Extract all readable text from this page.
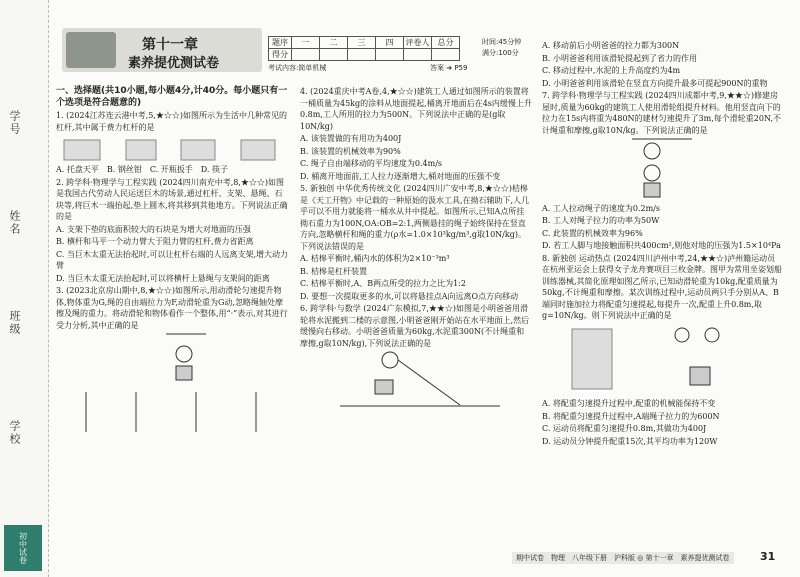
学号
姓名
班级
学校
初中试卷
第十一章
素养提优测试卷
题序	一	二	三	四	评卷人	总分
得分						
时间:45分钟
满分:100分
考试内容:简单机械	答案 ➜ P59

一、选择题(共10小题,每小题4分,计40分。每小题只有一个选项是符合题意的)

1. (2024江苏连云港中考,5,★☆☆)如图所示为生活中几种常见的杠杆,其中属于费力杠杆的是

A. 托盘天平　B. 钢丝钳　C. 开瓶扳手　D. 筷子

2. 跨学科·物理学与工程实践 (2024四川南充中考,8,★☆☆)如图是我国古代劳动人民运送巨木的场景,通过杠杆、支架、悬绳、石块等,将巨木一端抬起,垫上圆木,将其移到其他地方。下列说法正确的是

A. 支架下垫的底面积较大的石块是为增大对地面的压强

B. 横杆和马平一个动力臂大于阻力臂的杠杆,费力省距离

C. 当巨木太重无法抬起时,可以让杠杆右端的人远离支架,增大动力臂

D. 当巨木太重无法抬起时,可以将横杆上悬绳与支架间的距离

3. (2023北京房山期中,8,★☆☆)如图所示,用动滑轮匀速提升物体,物体重为G,绳的自由端拉力为F,动滑轮重为G动,忽略绳轴处摩擦及绳的重力。将动滑轮和物体看作一个整体,用“·”表示,对其进行受力分析,其中正确的是

4. (2024重庆中考A卷,4,★☆☆)建筑工人通过如图所示的装置将一桶质量为45kg的涂料从地面提起,桶离开地面后在4s内缓慢上升0.8m,工人所用的拉力为500N。下列说法中正确的是(g取10N/kg)

A. 该装置做的有用功为400J

B. 该装置的机械效率为90%

C. 绳子自由端移动的平均速度为0.4m/s

D. 桶离开地面前,工人拉力逐渐增大,桶对地面的压强不变

5. 新独创 中华优秀传统文化 (2024四川广安中考,8,★☆☆)桔槔是《天工开物》中记载的一种原始的汲水工具,在拗石辅助下,人几乎可以不用力就能将一桶水从井中提起。如图所示,已知A点所挂拗石重力为100N,OA:OB=2:1,两侧悬挂的绳子始终保持在竖直方向,忽略横杆和绳的重力(ρ水=1.0×10³kg/m³,g取10N/kg)。下列说法错误的是

A. 桔槔平衡时,桶内水的体积为2×10⁻³m³

B. 桔槔是杠杆装置

C. 桔槔平衡时,A、B两点所受的拉力之比为1:2

D. 要想一次提取更多的水,可以将悬挂点A向远离O点方向移动

6. 跨学科·与数学 (2024广东模拟,7,★★☆)如图是小明爸爸用滑轮将水泥搬到二楼的示意图,小明爸爸刚开始站在水平地面上,然后缓慢向右移动。小明爸爸质量为60kg,水泥重300N(不计绳重和摩擦,g取10N/kg),下列说法正确的是

A. 移动前后小明爸爸的拉力都为300N

B. 小明爸爸利用该滑轮提起到了省力的作用

C. 移动过程中,水泥的上升高度约为4m

D. 小明爸爸利用该滑轮在竖直方向提升最多可提起900N的重物

7. 跨学科·物理学与工程实践 (2024四川成都中考,9,★★☆)修建房屋时,质量为60kg的建筑工人使用滑轮组提升材料。他用竖直向下的拉力在15s内将重为480N的建材匀速提升了3m,每个滑轮重20N,不计绳重和摩擦,g取10N/kg。下列说法正确的是

A. 工人拉动绳子的速度为0.2m/s

B. 工人对绳子拉力的功率为50W

C. 此装置的机械效率为96%

D. 若工人脚与地接触面积共400cm²,则他对地的压强为1.5×10⁴Pa

8. 新独创 运动热点 (2024四川泸州中考,24,★★☆)泸州籍运动员在杭州亚运会上获得女子龙舟赛项目三枚金牌。图甲为常用坐姿划船训练器械,其简化原理如图乙所示,已知动滑轮重为10kg,配重质量为50kg,不计绳重和摩擦。某次训练过程中,运动员两只手分别从A、B端同时施加拉力将配重匀速提起,每提升一次,配重上升0.8m,取g=10N/kg。则下列说法中正确的是

A. 将配重匀速提升过程中,配重的机械能保持不变

B. 将配重匀速提升过程中,A端绳子拉力的为600N

C. 运动员将配重匀速提升0.8m,其做功为400J

D. 运动员分钟提升配重15次,其平均功率为120W

期中试卷　物理　八年级下册　沪科版 ◎ 第十一章　素养提优测试卷	31
